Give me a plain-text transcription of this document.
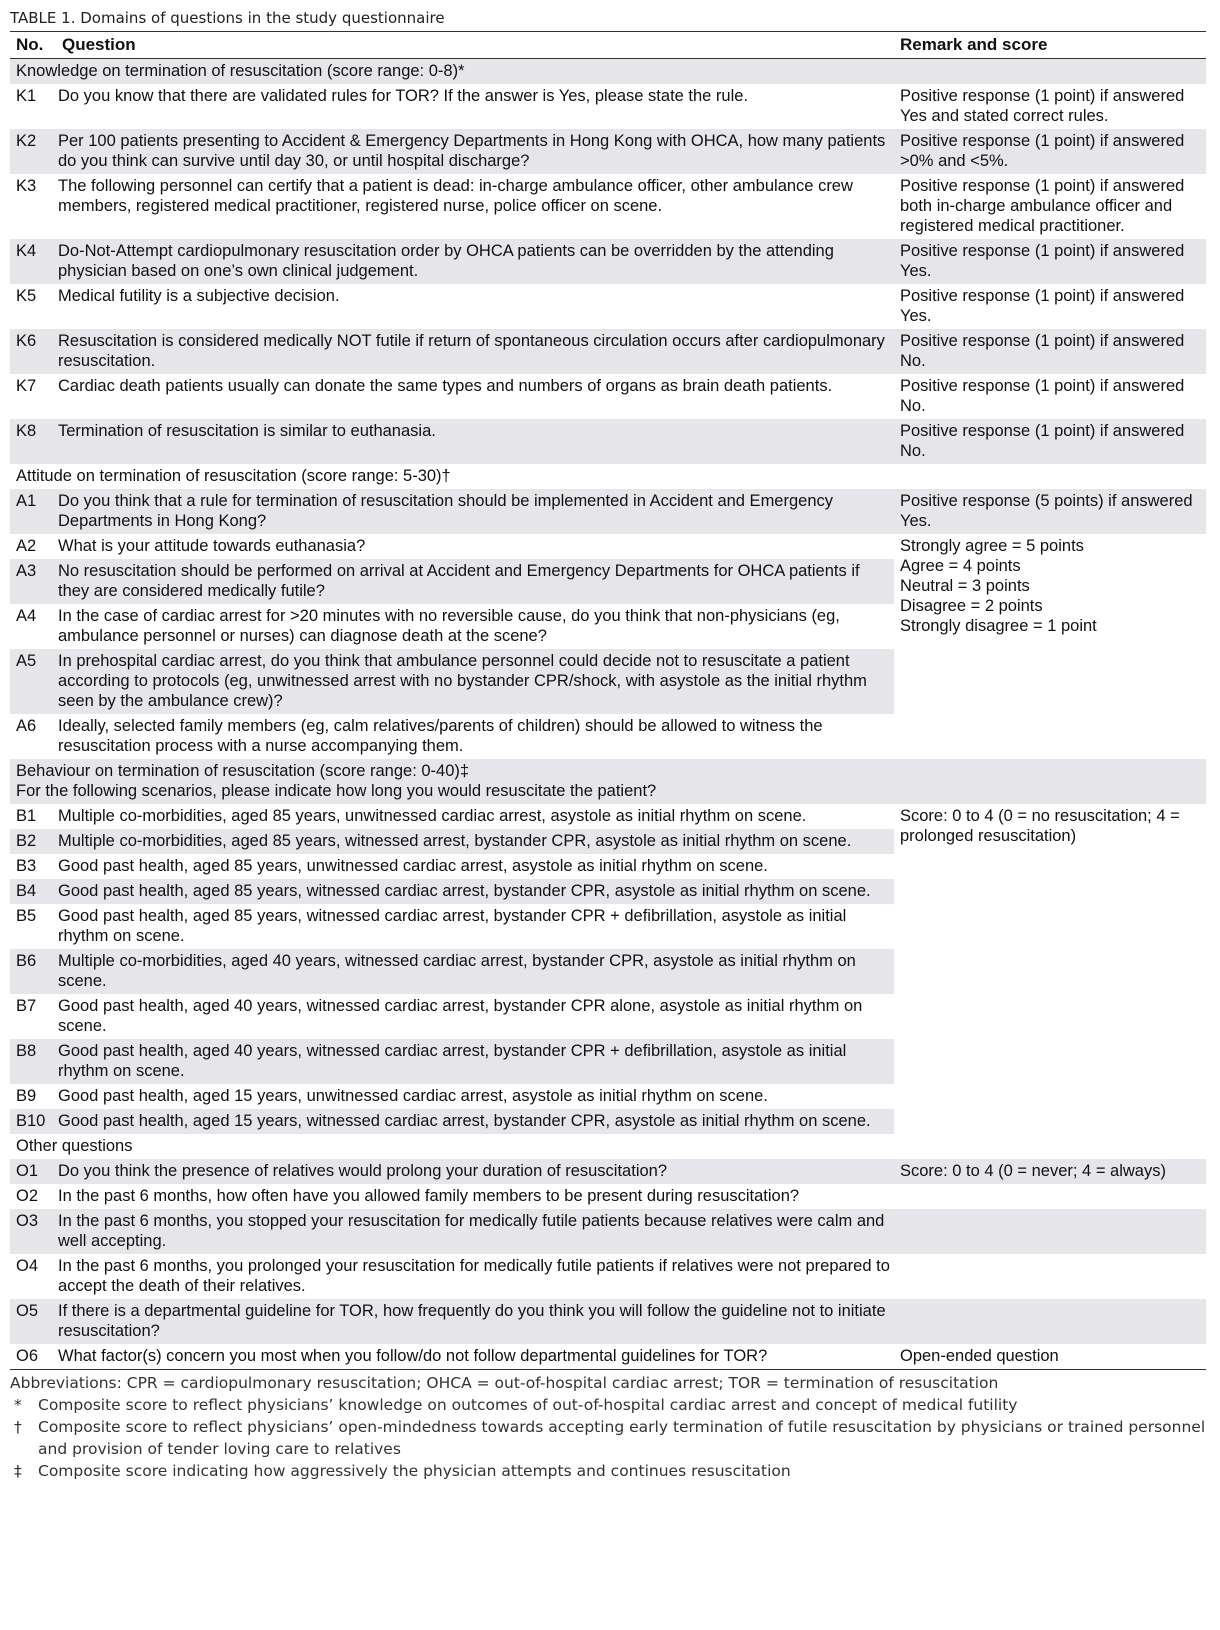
TABLE 1. Domains of questions in the study questionnaire
No.	Question	Remark and score
Knowledge on termination of resuscitation (score range: 0-8)*		
K1	Do you know that there are validated rules for TOR? If the answer is Yes, please state the rule.	Positive response (1 point) if answered Yes and stated correct rules.
K2	Per 100 patients presenting to Accident & Emergency Departments in Hong Kong with OHCA, how many patients do you think can survive until day 30, or until hospital discharge?	Positive response (1 point) if answered >0% and <5%.
K3	The following personnel can certify that a patient is dead: in-charge ambulance officer, other ambulance crew members, registered medical practitioner, registered nurse, police officer on scene.	Positive response (1 point) if answered both in-charge ambulance officer and registered medical practitioner.
K4	Do-Not-Attempt cardiopulmonary resuscitation order by OHCA patients can be overridden by the attending physician based on one’s own clinical judgement.	Positive response (1 point) if answered Yes.
K5	Medical futility is a subjective decision.	Positive response (1 point) if answered Yes.
K6	Resuscitation is considered medically NOT futile if return of spontaneous circulation occurs after cardiopulmonary resuscitation.	Positive response (1 point) if answered No.
K7	Cardiac death patients usually can donate the same types and numbers of organs as brain death patients.	Positive response (1 point) if answered No.
K8	Termination of resuscitation is similar to euthanasia.	Positive response (1 point) if answered No.
Attitude on termination of resuscitation (score range: 5-30)†		
A1	Do you think that a rule for termination of resuscitation should be implemented in Accident and Emergency Departments in Hong Kong?	Positive response (5 points) if answered Yes.
A2	What is your attitude towards euthanasia?	Strongly agree = 5 points
Agree = 4 points
Neutral = 3 points
Disagree = 2 points
Strongly disagree = 1 point
A3	No resuscitation should be performed on arrival at Accident and Emergency Departments for OHCA patients if they are considered medically futile?	
A4	In the case of cardiac arrest for >20 minutes with no reversible cause, do you think that non-physicians (eg, ambulance personnel or nurses) can diagnose death at the scene?	
A5	In prehospital cardiac arrest, do you think that ambulance personnel could decide not to resuscitate a patient according to protocols (eg, unwitnessed arrest with no bystander CPR/shock, with asystole as the initial rhythm seen by the ambulance crew)?	
A6	Ideally, selected family members (eg, calm relatives/parents of children) should be allowed to witness the resuscitation process with a nurse accompanying them.	
Behaviour on termination of resuscitation (score range: 0-40)‡
For the following scenarios, please indicate how long you would resuscitate the patient?		
B1	Multiple co-morbidities, aged 85 years, unwitnessed cardiac arrest, asystole as initial rhythm on scene.	Score: 0 to 4 (0 = no resuscitation; 4 = prolonged resuscitation)
B2	Multiple co-morbidities, aged 85 years, witnessed arrest, bystander CPR, asystole as initial rhythm on scene.	
B3	Good past health, aged 85 years, unwitnessed cardiac arrest, asystole as initial rhythm on scene.	
B4	Good past health, aged 85 years, witnessed cardiac arrest, bystander CPR, asystole as initial rhythm on scene.	
B5	Good past health, aged 85 years, witnessed cardiac arrest, bystander CPR + defibrillation, asystole as initial rhythm on scene.	
B6	Multiple co-morbidities, aged 40 years, witnessed cardiac arrest, bystander CPR, asystole as initial rhythm on scene.	
B7	Good past health, aged 40 years, witnessed cardiac arrest, bystander CPR alone, asystole as initial rhythm on scene.	
B8	Good past health, aged 40 years, witnessed cardiac arrest, bystander CPR + defibrillation, asystole as initial rhythm on scene.	
B9	Good past health, aged 15 years, unwitnessed cardiac arrest, asystole as initial rhythm on scene.	
B10	Good past health, aged 15 years, witnessed cardiac arrest, bystander CPR, asystole as initial rhythm on scene.	
Other questions		
O1	Do you think the presence of relatives would prolong your duration of resuscitation?	Score: 0 to 4 (0 = never; 4 = always)
O2	In the past 6 months, how often have you allowed family members to be present during resuscitation?	
O3	In the past 6 months, you stopped your resuscitation for medically futile patients because relatives were calm and well accepting.	
O4	In the past 6 months, you prolonged your resuscitation for medically futile patients if relatives were not prepared to accept the death of their relatives.	
O5	If there is a departmental guideline for TOR, how frequently do you think you will follow the guideline not to initiate resuscitation?	
O6	What factor(s) concern you most when you follow/do not follow departmental guidelines for TOR?	Open-ended question
Abbreviations: CPR = cardiopulmonary resuscitation; OHCA = out-of-hospital cardiac arrest; TOR = termination of resuscitation
*	Composite score to reflect physicians’ knowledge on outcomes of out-of-hospital cardiac arrest and concept of medical futility
†	Composite score to reflect physicians’ open-mindedness towards accepting early termination of futile resuscitation by physicians or trained personnel and provision of tender loving care to relatives
‡	Composite score indicating how aggressively the physician attempts and continues resuscitation
